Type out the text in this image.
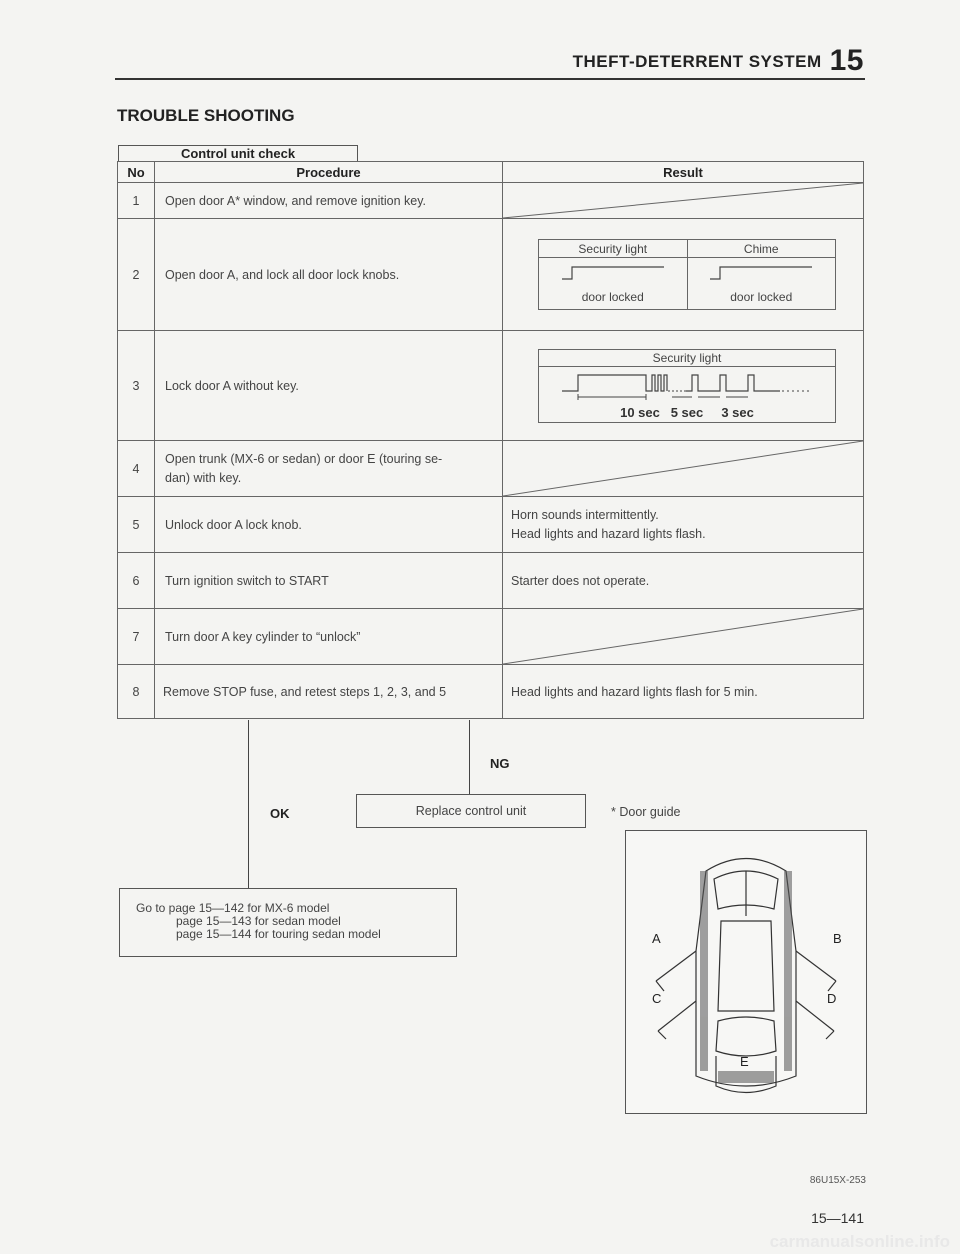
THEFT-DETERRENT SYSTEM 15
TROUBLE SHOOTING
Control unit check
No	Procedure	Result
1	Open door A* window, and remove ignition key.	

2	Open door A, and lock all door lock knobs.	
Security light	Chime

door locked	door locked

3	Lock door A without key.	
Security light

10 sec 5 sec 3 sec

4	Open trunk (MX-6 or sedan) or door E (touring se-
dan) with key.	

5	Unlock door A lock knob.	Horn sounds intermittently.
Head lights and hazard lights flash.
6	Turn ignition switch to START	Starter does not operate.
7	Turn door A key cylinder to “unlock”	

8	Remove STOP fuse, and retest steps 1, 2, 3, and 5	Head lights and hazard lights flash for 5 min.
NG
OK	Replace control unit
Go to page 15—142 for MX-6 model
page 15—143 for sedan model
page 15—144 for touring sedan model
* Door guide
A	B
C	D
E
86U15X-253
15—141
carmanualsonline.info
